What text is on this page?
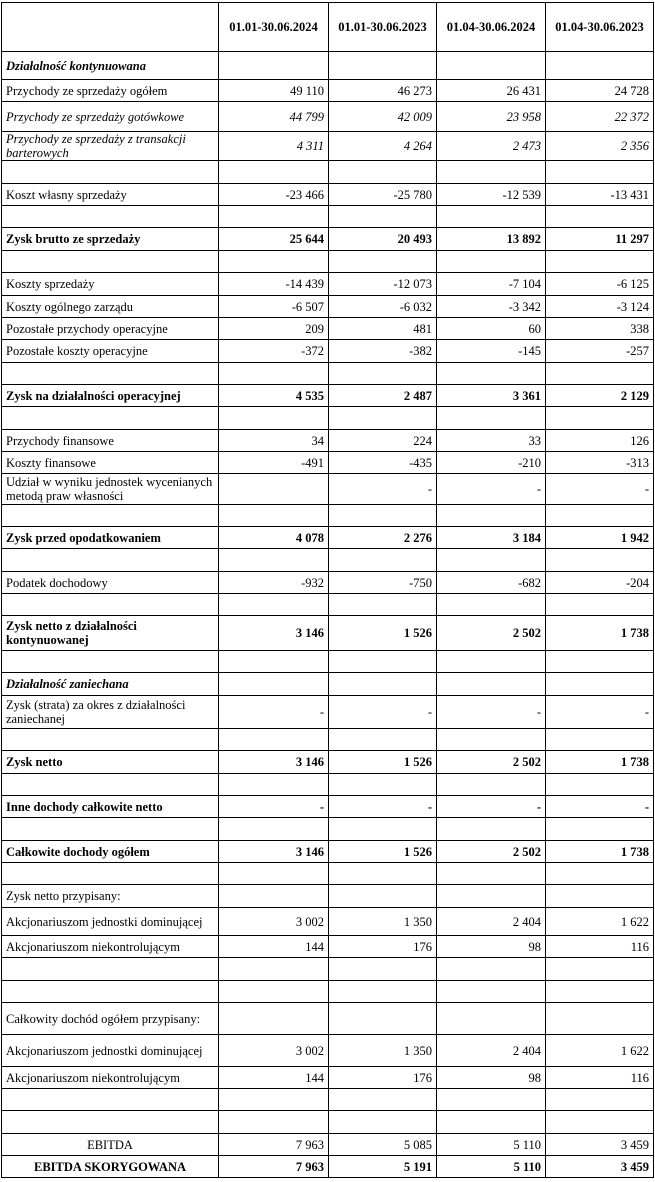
	01.01-30.06.2024	01.01-30.06.2023	01.04-30.06.2024	01.04-30.06.2023
Działalność kontynuowana				
Przychody ze sprzedaży ogółem	49 110	46 273	26 431	24 728
Przychody ze sprzedaży gotówkowe	44 799	42 009	23 958	22 372
Przychody ze sprzedaży z transakcji barterowych	4 311	4 264	2 473	2 356

Koszt własny sprzedaży	-23 466	-25 780	-12 539	-13 431

Zysk brutto ze sprzedaży	25 644	20 493	13 892	11 297

Koszty sprzedaży	-14 439	-12 073	-7 104	-6 125
Koszty ogólnego zarządu	-6 507	-6 032	-3 342	-3 124
Pozostałe przychody operacyjne	209	481	60	338
Pozostałe koszty operacyjne	-372	-382	-145	-257

Zysk na działalności operacyjnej	4 535	2 487	3 361	2 129

Przychody finansowe	34	224	33	126
Koszty finansowe	-491	-435	-210	-313
Udział w wyniku jednostek wycenianych metodą praw własności		-	-	-

Zysk przed opodatkowaniem	4 078	2 276	3 184	1 942

Podatek dochodowy	-932	-750	-682	-204

Zysk netto z działalności kontynuowanej	3 146	1 526	2 502	1 738

Działalność zaniechana				
Zysk (strata) za okres z działalności zaniechanej	-	-	-	-

Zysk netto	3 146	1 526	2 502	1 738

Inne dochody całkowite netto	-	-	-	-

Całkowite dochody ogółem	3 146	1 526	2 502	1 738

Zysk netto przypisany:				
Akcjonariuszom jednostki dominującej	3 002	1 350	2 404	1 622
Akcjonariuszom niekontrolującym	144	176	98	116

Całkowity dochód ogółem przypisany:				
Akcjonariuszom jednostki dominującej	3 002	1 350	2 404	1 622
Akcjonariuszom niekontrolującym	144	176	98	116

EBITDA	7 963	5 085	5 110	3 459
EBITDA SKORYGOWANA	7 963	5 191	5 110	3 459
